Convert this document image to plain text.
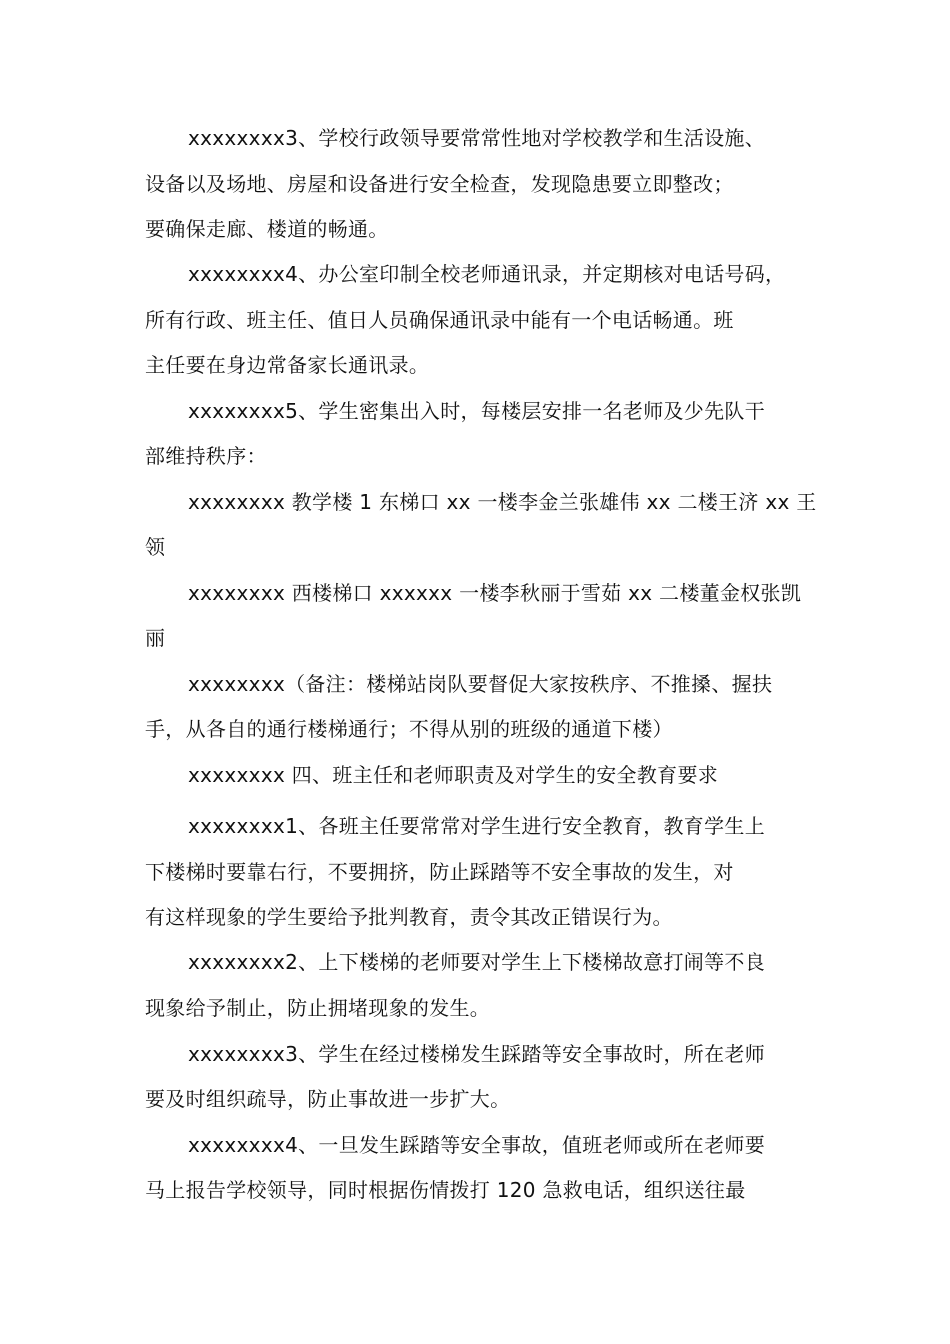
xxxxxxxx3、学校行政领导要常常性地对学校教学和生活设施、
设备以及场地、房屋和设备进行安全检查，发现隐患要立即整改；
要确保走廊、楼道的畅通。
xxxxxxxx4、办公室印制全校老师通讯录，并定期核对电话号码，
所有行政、班主任、值日人员确保通讯录中能有一个电话畅通。班
主任要在身边常备家长通讯录。
xxxxxxxx5、学生密集出入时，每楼层安排一名老师及少先队干
部维持秩序：
xxxxxxxx 教学楼 1 东梯口 xx 一楼李金兰张雄伟 xx 二楼王济 xx 王
领
xxxxxxxx 西楼梯口 xxxxxx 一楼李秋丽于雪茹 xx 二楼董金权张凯
丽
xxxxxxxx（备注：楼梯站岗队要督促大家按秩序、不推搡、握扶
手，从各自的通行楼梯通行；不得从别的班级的通道下楼）
xxxxxxxx 四、班主任和老师职责及对学生的安全教育要求
xxxxxxxx1、各班主任要常常对学生进行安全教育，教育学生上
下楼梯时要靠右行，不要拥挤，防止踩踏等不安全事故的发生，对
有这样现象的学生要给予批判教育，责令其改正错误行为。
xxxxxxxx2、上下楼梯的老师要对学生上下楼梯故意打闹等不良
现象给予制止，防止拥堵现象的发生。
xxxxxxxx3、学生在经过楼梯发生踩踏等安全事故时，所在老师
要及时组织疏导，防止事故进一步扩大。
xxxxxxxx4、一旦发生踩踏等安全事故，值班老师或所在老师要
马上报告学校领导，同时根据伤情拨打 120 急救电话，组织送往最
